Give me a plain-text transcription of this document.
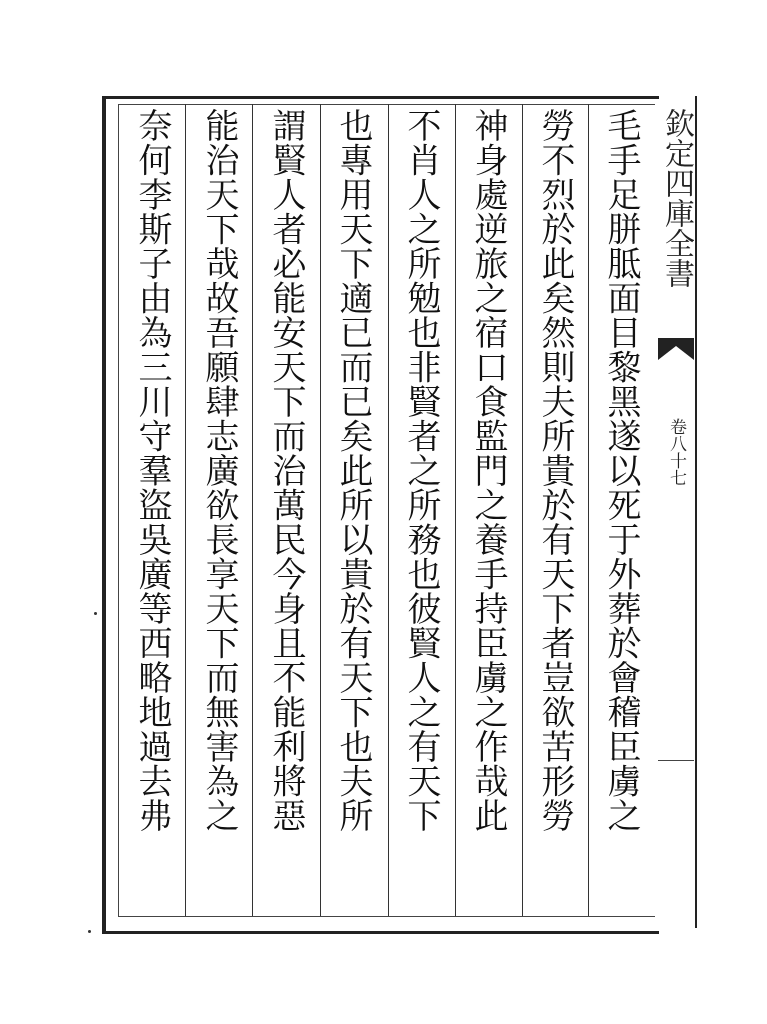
毛手足胼胝面目黎黑遂以死于外葬於會稽臣虜之
勞不烈於此矣然則夫所貴於有天下者豈欲苦形勞
神身處逆旅之宿口食監門之養手持臣虜之作哉此
不肖人之所勉也非賢者之所務也彼賢人之有天下
也專用天下適已而已矣此所以貴於有天下也夫所
謂賢人者必能安天下而治萬民今身且不能利將惡
能治天下哉故吾願肆志廣欲長享天下而無害為之
奈何李斯子由為三川守羣盜吳廣等西略地過去弗	欽定四庫全書
卷八十七
